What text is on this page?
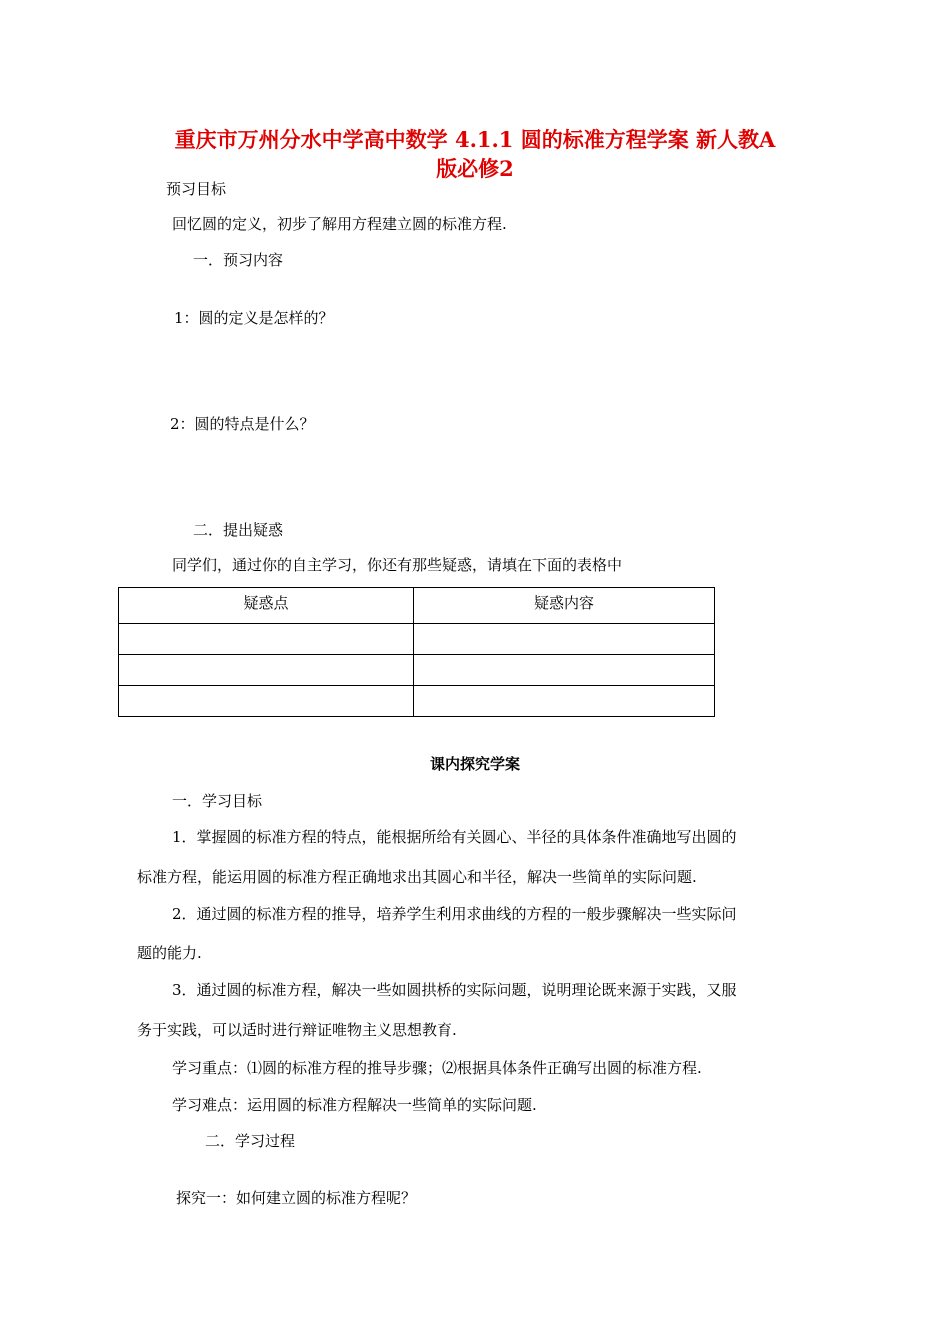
重庆市万州分水中学高中数学 4.1.1 圆的标准方程学案 新人教A
版必修2
预习目标
回忆圆的定义，初步了解用方程建立圆的标准方程.
一．预习内容
1：圆的定义是怎样的？
2：圆的特点是什么？
二．提出疑惑
同学们，通过你的自主学习，你还有那些疑惑，请填在下面的表格中
疑惑点	疑惑内容

课内探究学案
一．学习目标
1．掌握圆的标准方程的特点，能根据所给有关圆心、半径的具体条件准确地写出圆的
标准方程，能运用圆的标准方程正确地求出其圆心和半径，解决一些简单的实际问题.
2．通过圆的标准方程的推导，培养学生利用求曲线的方程的一般步骤解决一些实际问
题的能力.
3．通过圆的标准方程，解决一些如圆拱桥的实际问题，说明理论既来源于实践，又服
务于实践，可以适时进行辩证唯物主义思想教育.
学习重点：⑴圆的标准方程的推导步骤；⑵根据具体条件正确写出圆的标准方程.
学习难点：运用圆的标准方程解决一些简单的实际问题.
二．学习过程
探究一：如何建立圆的标准方程呢？
